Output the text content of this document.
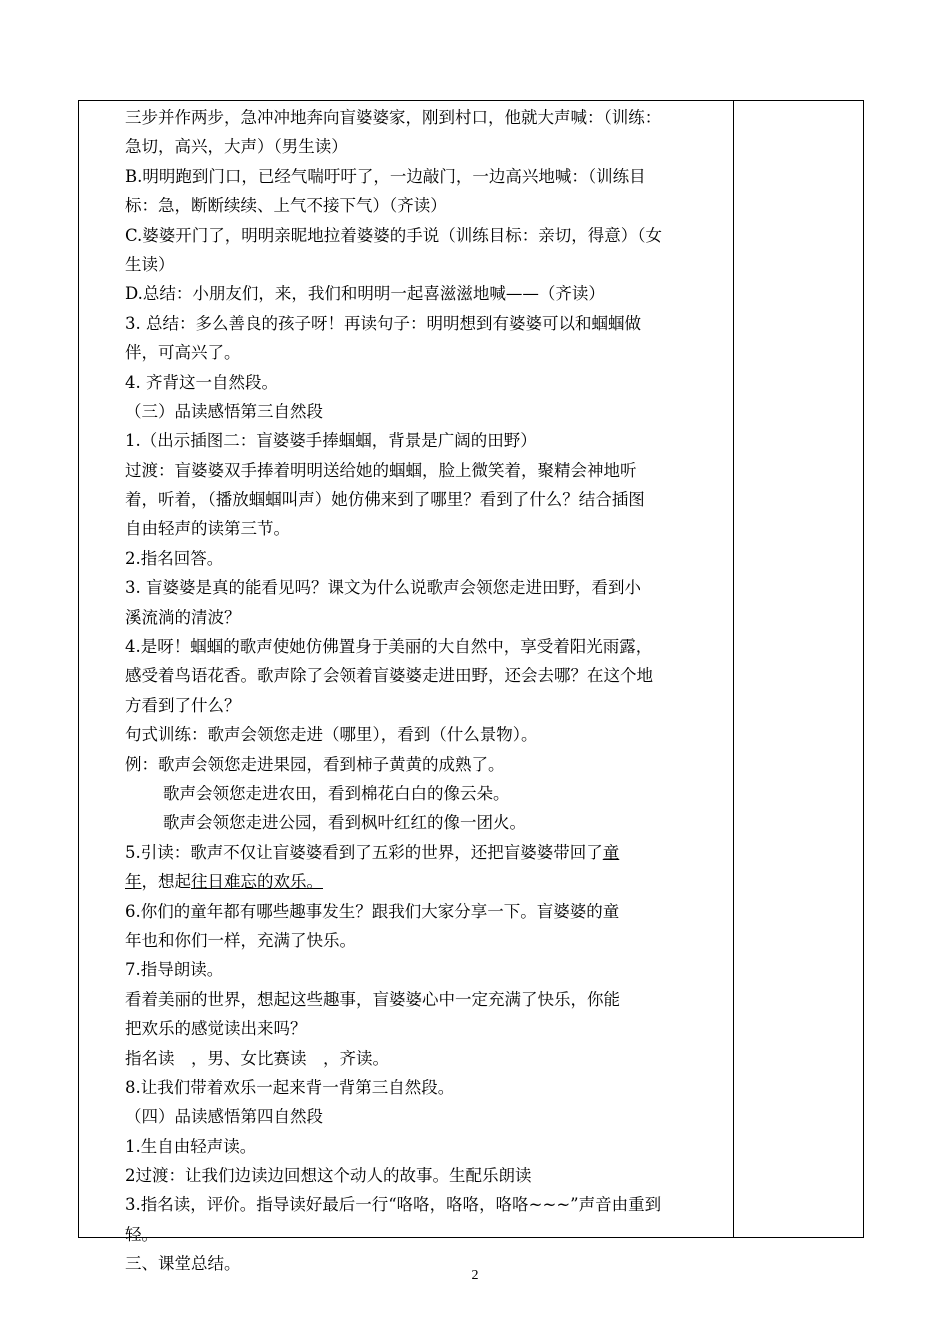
三步并作两步，急冲冲地奔向盲婆婆家，刚到村口，他就大声喊：（训练：
急切，高兴，大声）（男生读）
B.明明跑到门口，已经气喘吁吁了，一边敲门，一边高兴地喊：（训练目
标：急，断断续续、上气不接下气）（齐读）
C.婆婆开门了，明明亲昵地拉着婆婆的手说（训练目标：亲切，得意）（女
生读）
D.总结：小朋友们，来，我们和明明一起喜滋滋地喊——（齐读）
3. 总结：多么善良的孩子呀！再读句子：明明想到有婆婆可以和蝈蝈做
伴，可高兴了。
4. 齐背这一自然段。
（三）品读感悟第三自然段
1.（出示插图二：盲婆婆手捧蝈蝈，背景是广阔的田野）
过渡：盲婆婆双手捧着明明送给她的蝈蝈，脸上微笑着，聚精会神地听
着，听着，（播放蝈蝈叫声）她仿佛来到了哪里？看到了什么？结合插图
自由轻声的读第三节。
2.指名回答。
3. 盲婆婆是真的能看见吗？课文为什么说歌声会领您走进田野，看到小
溪流淌的清波？
4.是呀！蝈蝈的歌声使她仿佛置身于美丽的大自然中，享受着阳光雨露，
感受着鸟语花香。歌声除了会领着盲婆婆走进田野，还会去哪？在这个地
方看到了什么？
句式训练：歌声会领您走进（哪里），看到（什么景物）。
例：歌声会领您走进果园，看到柿子黄黄的成熟了。
歌声会领您走进农田，看到棉花白白的像云朵。
歌声会领您走进公园，看到枫叶红红的像一团火。
5.引读：歌声不仅让盲婆婆看到了五彩的世界，还把盲婆婆带回了童
年，想起往日难忘的欢乐。
6.你们的童年都有哪些趣事发生？跟我们大家分享一下。盲婆婆的童
年也和你们一样，充满了快乐。
7.指导朗读。
看着美丽的世界，想起这些趣事，盲婆婆心中一定充满了快乐，你能
把欢乐的感觉读出来吗？
指名读　，男、女比赛读　，齐读。
8.让我们带着欢乐一起来背一背第三自然段。
（四）品读感悟第四自然段
1.生自由轻声读。
2过渡：让我们边读边回想这个动人的故事。生配乐朗读
3.指名读，评价。指导读好最后一行“咯咯，咯咯，咯咯~~~”声音由重到
轻。
三、课堂总结。
2
